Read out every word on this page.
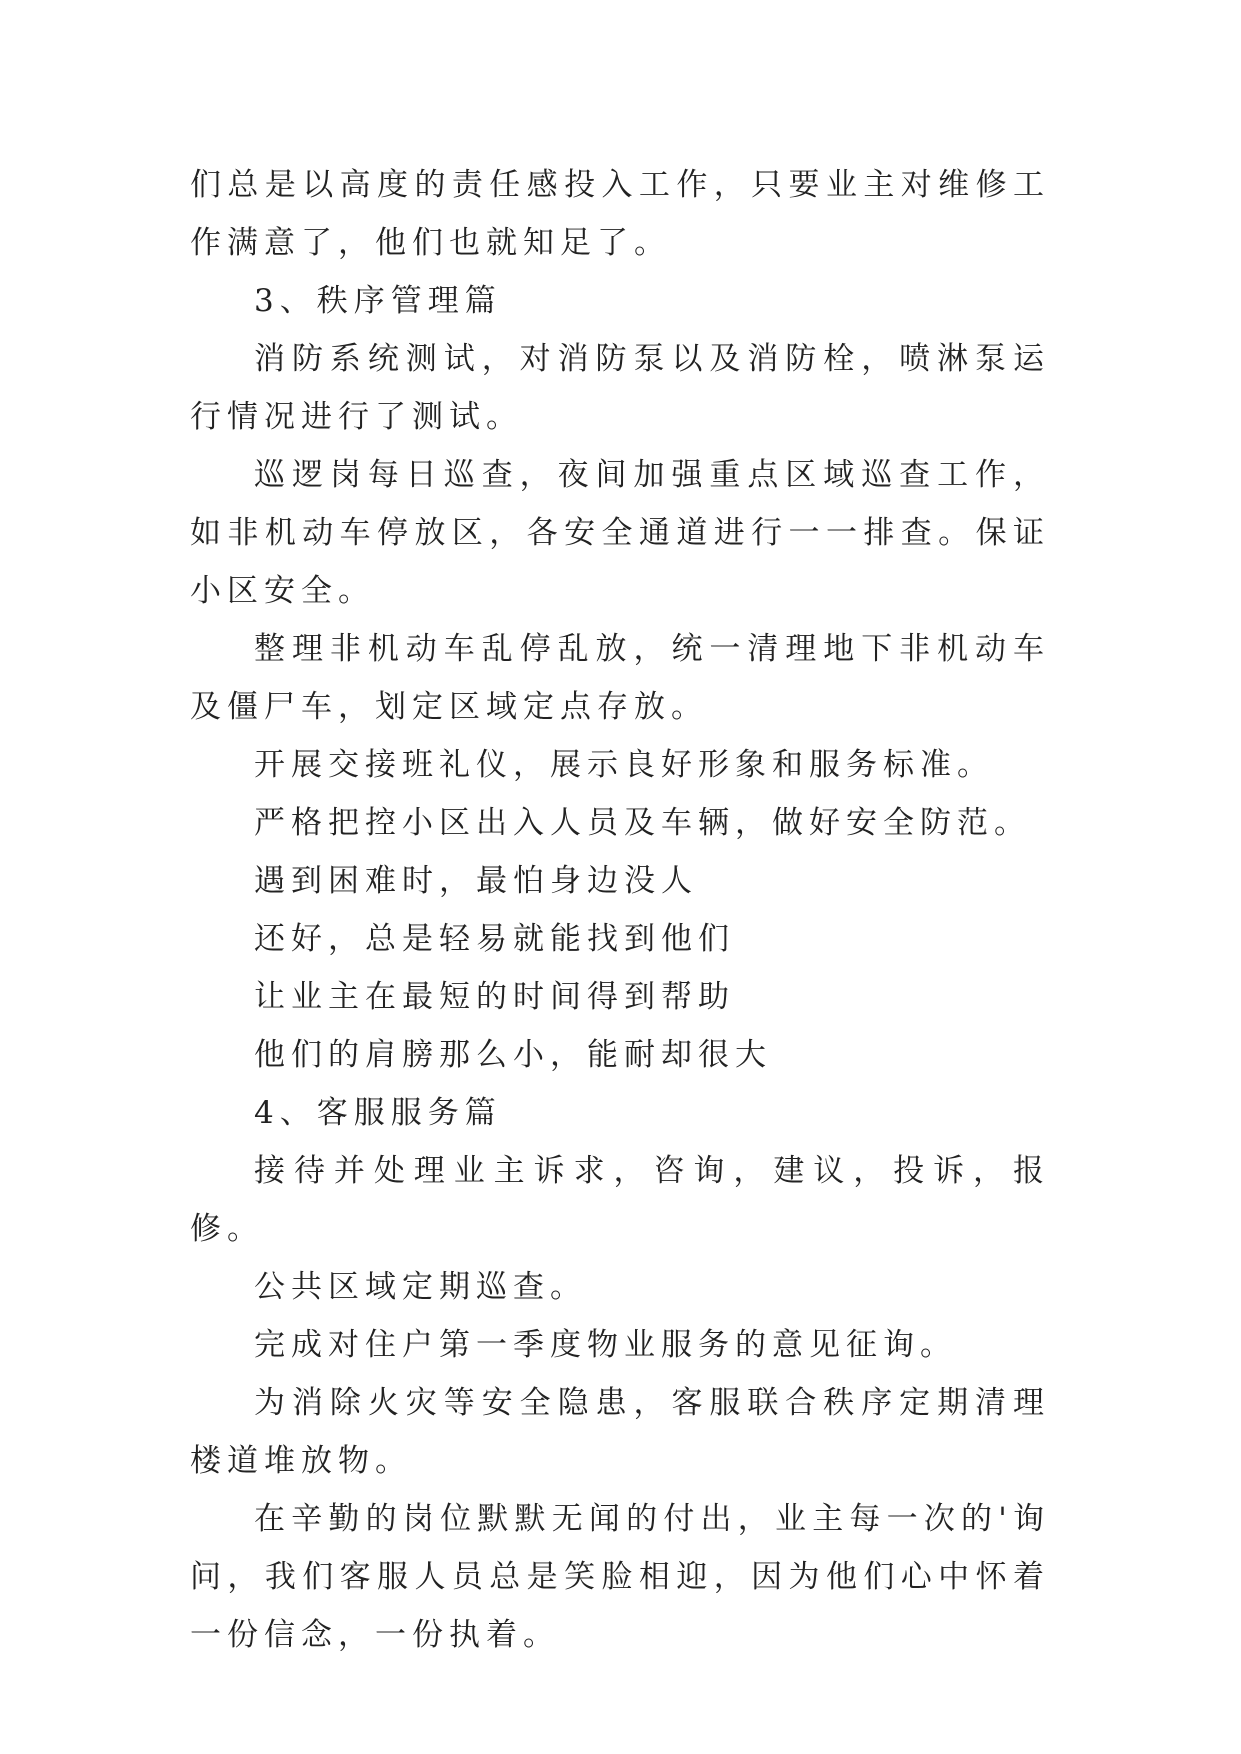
们总是以高度的责任感投入工作，只要业主对维修工作满意了，他们也就知足了。

3、秩序管理篇

消防系统测试，对消防泵以及消防栓，喷淋泵运行情况进行了测试。

巡逻岗每日巡查，夜间加强重点区域巡查工作，如非机动车停放区，各安全通道进行一一排查。保证小区安全。

整理非机动车乱停乱放，统一清理地下非机动车及僵尸车，划定区域定点存放。

开展交接班礼仪，展示良好形象和服务标准。

严格把控小区出入人员及车辆，做好安全防范。

遇到困难时，最怕身边没人

还好，总是轻易就能找到他们

让业主在最短的时间得到帮助

他们的肩膀那么小，能耐却很大

4、客服服务篇

接待并处理业主诉求，咨询，建议，投诉，报修。

公共区域定期巡查。

完成对住户第一季度物业服务的意见征询。

为消除火灾等安全隐患，客服联合秩序定期清理楼道堆放物。

在辛勤的岗位默默无闻的付出，业主每一次的'询问，我们客服人员总是笑脸相迎，因为他们心中怀着一份信念，一份执着。
